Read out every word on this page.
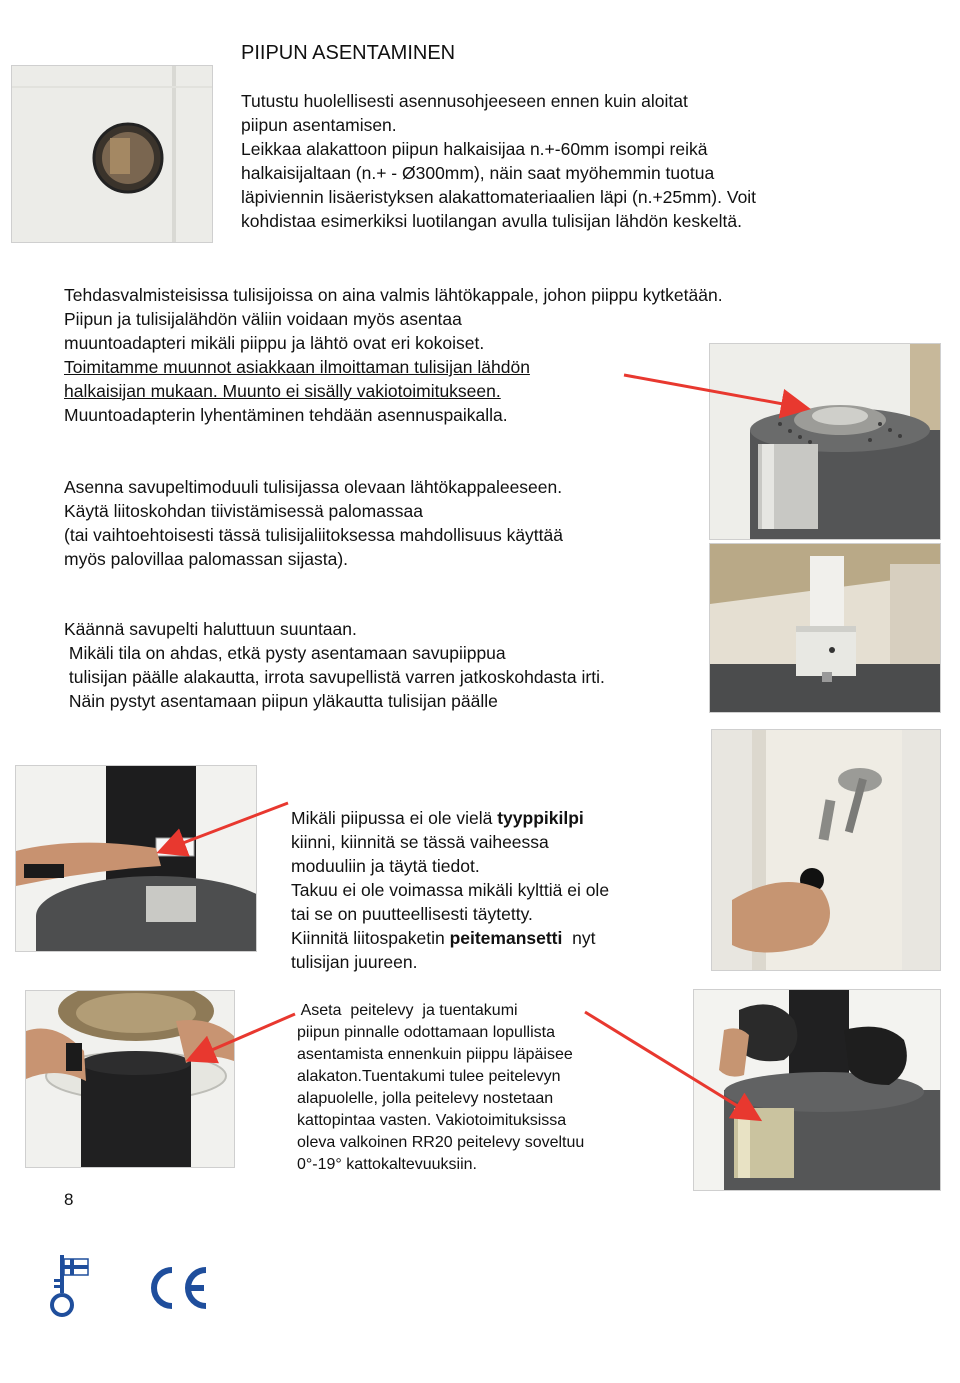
PIIPUN ASENTAMINEN
Tutustu huolellisesti asennusohjeeseen ennen kuin aloitat
piipun asentamisen.
Leikkaa alakattoon piipun halkaisijaa n.+-60mm isompi reikä
halkaisijaltaan (n.+ - Ø300mm), näin saat myöhemmin tuotua
läpiviennin lisäeristyksen alakattomateriaalien läpi (n.+25mm). Voit
kohdistaa esimerkiksi luotilangan avulla tulisijan lähdön keskeltä.
Tehdasvalmisteisissa tulisijoissa on aina valmis lähtökappale, johon piippu kytketään.
Piipun ja tulisijalähdön väliin voidaan myös asentaa
muuntoadapteri mikäli piippu ja lähtö ovat eri kokoiset.
Toimitamme muunnot asiakkaan ilmoittaman tulisijan lähdön
halkaisijan mukaan. Muunto ei sisälly vakiotoimitukseen.
Muuntoadapterin lyhentäminen tehdään asennuspaikalla.
Asenna savupeltimoduuli tulisijassa olevaan lähtökappaleeseen.
Käytä liitoskohdan tiivistämisessä palomassaa
(tai vaihtoehtoisesti tässä tulisijaliitoksessa mahdollisuus käyttää
myös palovillaa palomassan sijasta).
Käännä savupelti haluttuun suuntaan.
Mikäli tila on ahdas, etkä pysty asentamaan savupiippua
tulisijan päälle alakautta, irrota savupellistä varren jatkoskohdasta irti.
Näin pystyt asentamaan piipun yläkautta tulisijan päälle
Mikäli piipussa ei ole vielä tyyppikilpi
kiinni, kiinnitä se tässä vaiheessa
moduuliin ja täytä tiedot.
Takuu ei ole voimassa mikäli kylttiä ei ole
tai se on puutteellisesti täytetty.
Kiinnitä liitospaketin peitemansetti  nyt
tulisijan juureen.
Aseta  peitelevy  ja tuentakumi
piipun pinnalle odottamaan lopullista
asentamista ennenkuin piippu läpäisee
alakaton.Tuentakumi tulee peitelevyn
alapuolelle, jolla peitelevy nostetaan
kattopintaa vasten. Vakiotoimituksissa
oleva valkoinen RR20 peitelevy soveltuu
0°-19° kattokaltevuuksiin.
8
